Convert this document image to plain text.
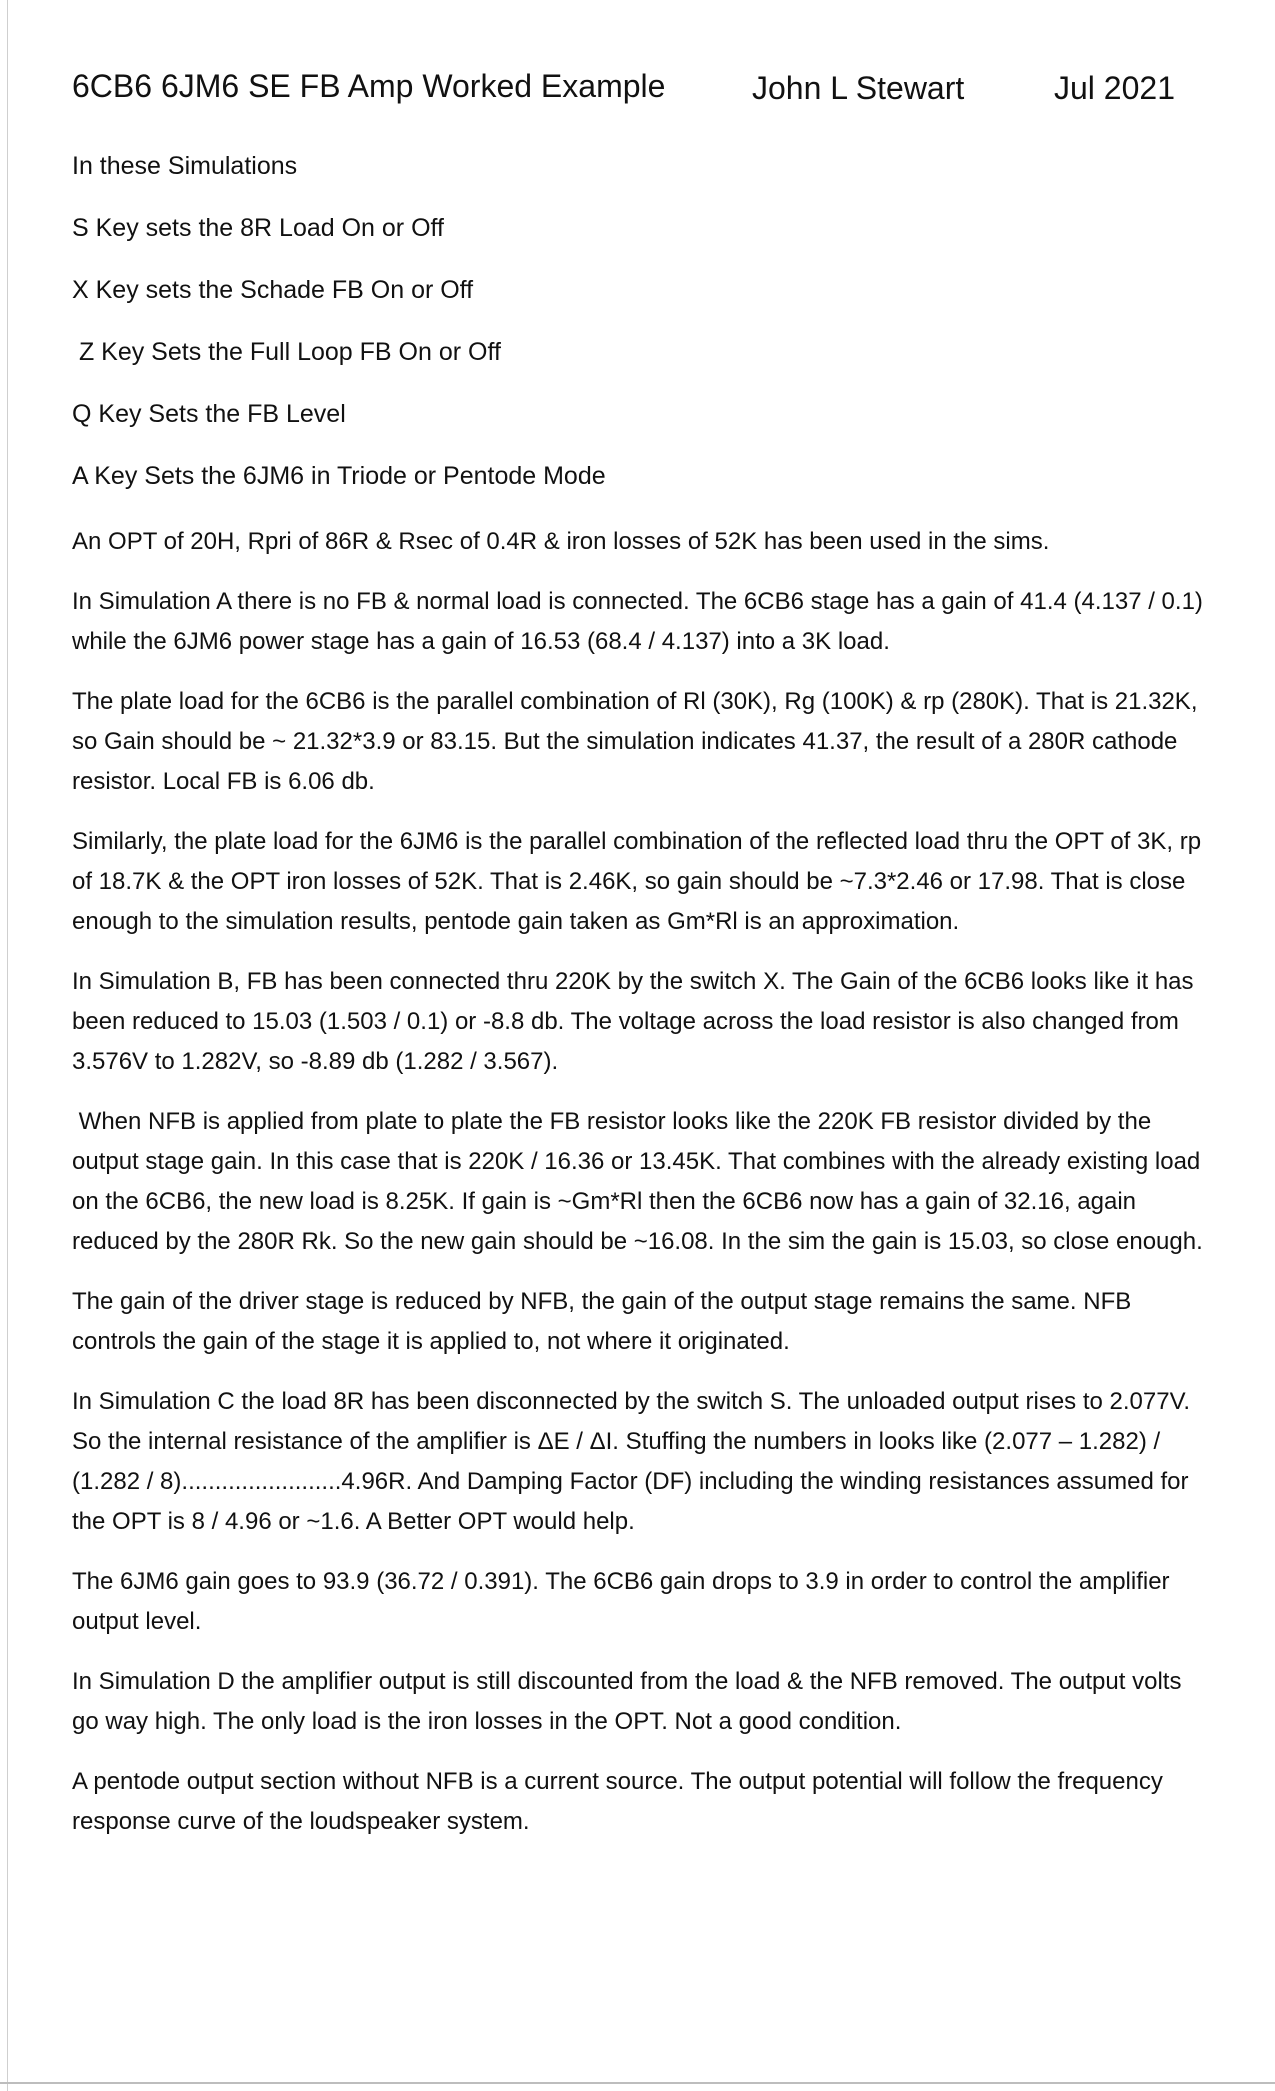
6CB6 6JM6 SE FB Amp Worked Example	John L Stewart	Jul 2021

In these Simulations

S Key sets the 8R Load On or Off

X Key sets the Schade FB On or Off

Z Key Sets the Full Loop FB On or Off

Q Key Sets the FB Level

A Key Sets the 6JM6 in Triode or Pentode Mode

An OPT of 20H, Rpri of 86R & Rsec of 0.4R & iron losses of 52K has been used in the sims.

In Simulation A there is no FB & normal load is connected. The 6CB6 stage has a gain of 41.4 (4.137 / 0.1) while the 6JM6 power stage has a gain of 16.53 (68.4 / 4.137) into a 3K load.

The plate load for the 6CB6 is the parallel combination of Rl (30K), Rg (100K) & rp (280K). That is 21.32K, so Gain should be ~ 21.32*3.9 or 83.15. But the simulation indicates 41.37, the result of a 280R cathode resistor. Local FB is 6.06 db.

Similarly, the plate load for the 6JM6 is the parallel combination of the reflected load thru the OPT of 3K, rp of 18.7K & the OPT iron losses of 52K. That is 2.46K, so gain should be ~7.3*2.46 or 17.98. That is close enough to the simulation results, pentode gain taken as Gm*Rl is an approximation.

In Simulation B, FB has been connected thru 220K by the switch X. The Gain of the 6CB6 looks like it has been reduced to 15.03 (1.503 / 0.1) or -8.8 db. The voltage across the load resistor is also changed from 3.576V to 1.282V, so -8.89 db (1.282 / 3.567).

When NFB is applied from plate to plate the FB resistor looks like the 220K FB resistor divided by the output stage gain. In this case that is 220K / 16.36 or 13.45K. That combines with the already existing load on the 6CB6, the new load is 8.25K. If gain is ~Gm*Rl then the 6CB6 now has a gain of 32.16, again reduced by the 280R Rk. So the new gain should be ~16.08. In the sim the gain is 15.03, so close enough.

The gain of the driver stage is reduced by NFB, the gain of the output stage remains the same. NFB controls the gain of the stage it is applied to, not where it originated.

In Simulation C the load 8R has been disconnected by the switch S. The unloaded output rises to 2.077V. So the internal resistance of the amplifier is ΔE / ΔI. Stuffing the numbers in looks like (2.077 – 1.282) / (1.282 / 8)........................4.96R. And Damping Factor (DF) including the winding resistances assumed for the OPT is 8 / 4.96 or ~1.6. A Better OPT would help.

The 6JM6 gain goes to 93.9 (36.72 / 0.391). The 6CB6 gain drops to 3.9 in order to control the amplifier output level.

In Simulation D the amplifier output is still discounted from the load & the NFB removed. The output volts go way high. The only load is the iron losses in the OPT. Not a good condition.

A pentode output section without NFB is a current source. The output potential will follow the frequency response curve of the loudspeaker system.
